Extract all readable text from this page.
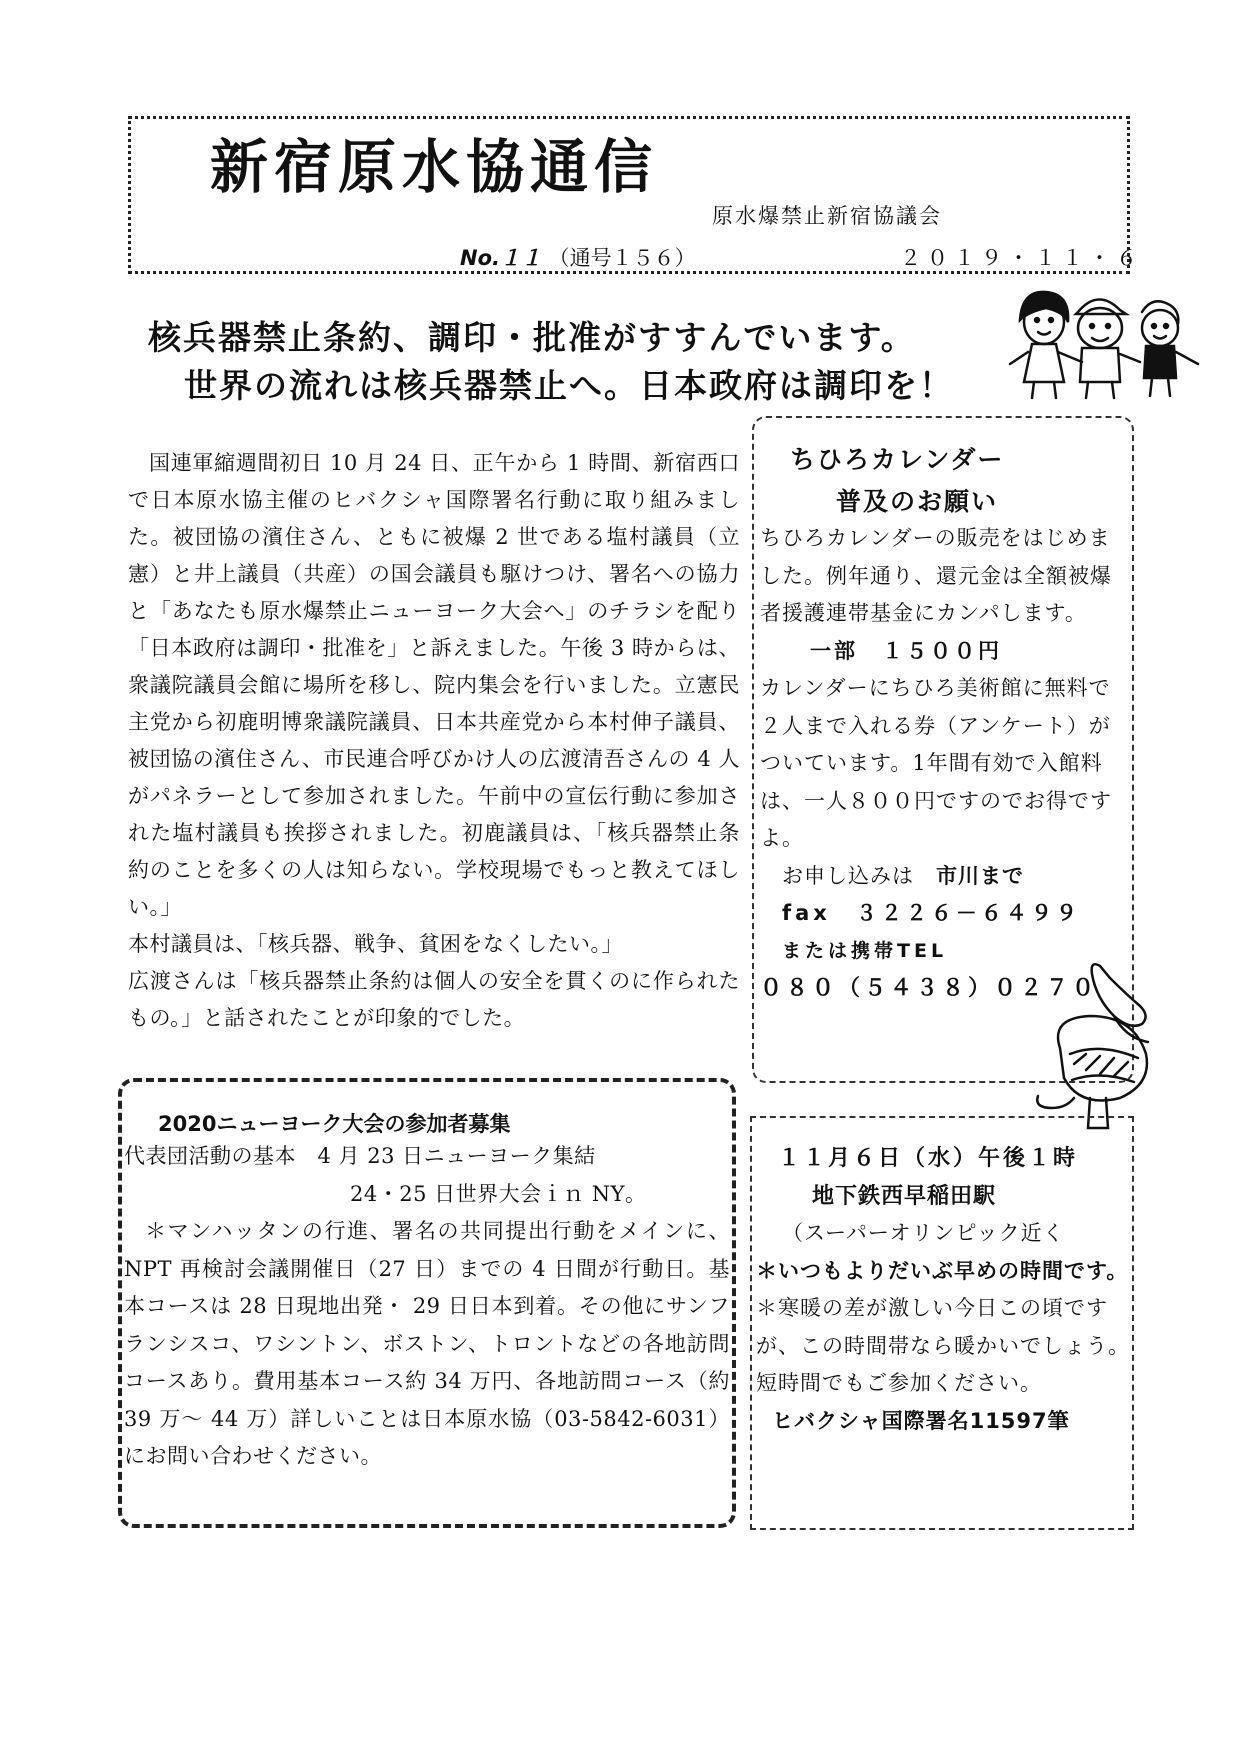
新宿原水協通信
原水爆禁止新宿協議会
No.１１ （通号１５６）	２０１９・１１・６
核兵器禁止条約、調印・批准がすすんでいます。
世界の流れは核兵器禁止へ。日本政府は調印を！

国連軍縮週間初日 10 月 24 日、正午から 1 時間、新宿西口で日本原水協主催のヒバクシャ国際署名行動に取り組みました。被団協の濱住さん、ともに被爆 2 世である塩村議員（立憲）と井上議員（共産）の国会議員も駆けつけ、署名への協力と「あなたも原水爆禁止ニューヨーク大会へ」のチラシを配り「日本政府は調印・批准を」と訴えました。午後 3 時からは、衆議院議員会館に場所を移し、院内集会を行いました。立憲民主党から初鹿明博衆議院議員、日本共産党から本村伸子議員、被団協の濱住さん、市民連合呼びかけ人の広渡清吾さんの 4 人がパネラーとして参加されました。午前中の宣伝行動に参加された塩村議員も挨拶されました。初鹿議員は、「核兵器禁止条約のことを多くの人は知らない。学校現場でもっと教えてほしい。」

本村議員は、「核兵器、戦争、貧困をなくしたい。」
広渡さんは「核兵器禁止条約は個人の安全を貫くのに作られたもの。」と話されたことが印象的でした。
ちひろカレンダー
普及のお願い

ちひろカレンダーの販売をはじめました。例年通り、還元金は全額被爆者援護連帯基金にカンパします。

一部　１５００円

カレンダーにちひろ美術館に無料で２人まで入れる券（アンケート）がついています。1年間有効で入館料は、一人８００円ですのでお得ですよ。

お申し込みは　 市川まで

fax　３２２６－６４９９

または携帯TEL

０８０（５４３８）０２７０

2020ニューヨーク大会の参加者募集

代表団活動の基本　4 月 23 日ニューヨーク集結

24・25 日世界大会ｉｎ NY。

＊マンハッタンの行進、署名の共同提出行動をメインに、NPT 再検討会議開催日（27 日）までの 4 日間が行動日。基本コースは 28 日現地出発・ 29 日日本到着。その他にサンフランシスコ、ワシントン、ボストン、トロントなどの各地訪問コースあり。費用基本コース約 34 万円、各地訪問コース（約 39 万～ 44 万）詳しいことは日本原水協（03-5842-6031）にお問い合わせください。

１１月６日（水）午後１時

地下鉄西早稲田駅

（スーパーオリンピック近く

＊いつもよりだいぶ早めの時間です。

＊寒暖の差が激しい今日この頃ですが、この時間帯なら暖かいでしょう。短時間でもご参加ください。

ヒバクシャ国際署名11597筆
